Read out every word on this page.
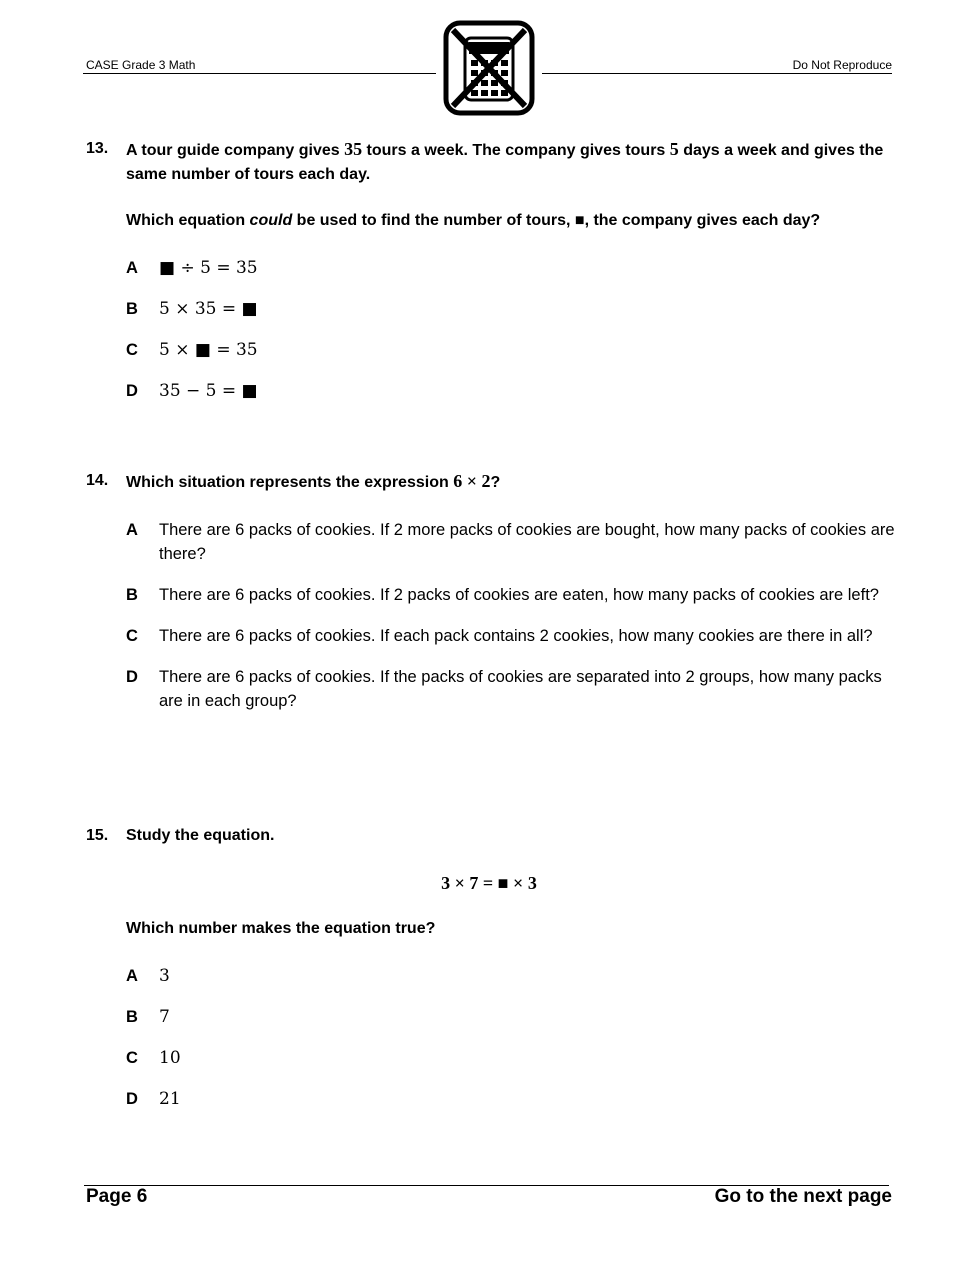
CASE Grade 3 Math	Do Not Reproduce
13. A tour guide company gives 35 tours a week. The company gives tours 5 days a week and gives the same number of tours each day.
Which equation could be used to find the number of tours, ■, the company gives each day?
A ■ ÷ 5 = 35
B 5 × 35 = ■
C 5 × ■ = 35
D 35 − 5 = ■
14. Which situation represents the expression 6 × 2?
A There are 6 packs of cookies. If 2 more packs of cookies are bought, how many packs of cookies are there?
B There are 6 packs of cookies. If 2 packs of cookies are eaten, how many packs of cookies are left?
C There are 6 packs of cookies. If each pack contains 2 cookies, how many cookies are there in all?
D There are 6 packs of cookies. If the packs of cookies are separated into 2 groups, how many packs are in each group?
15. Study the equation.
3 × 7 = ■ × 3
Which number makes the equation true?
A 3
B 7
C 10
D 21
Page 6	Go to the next page
